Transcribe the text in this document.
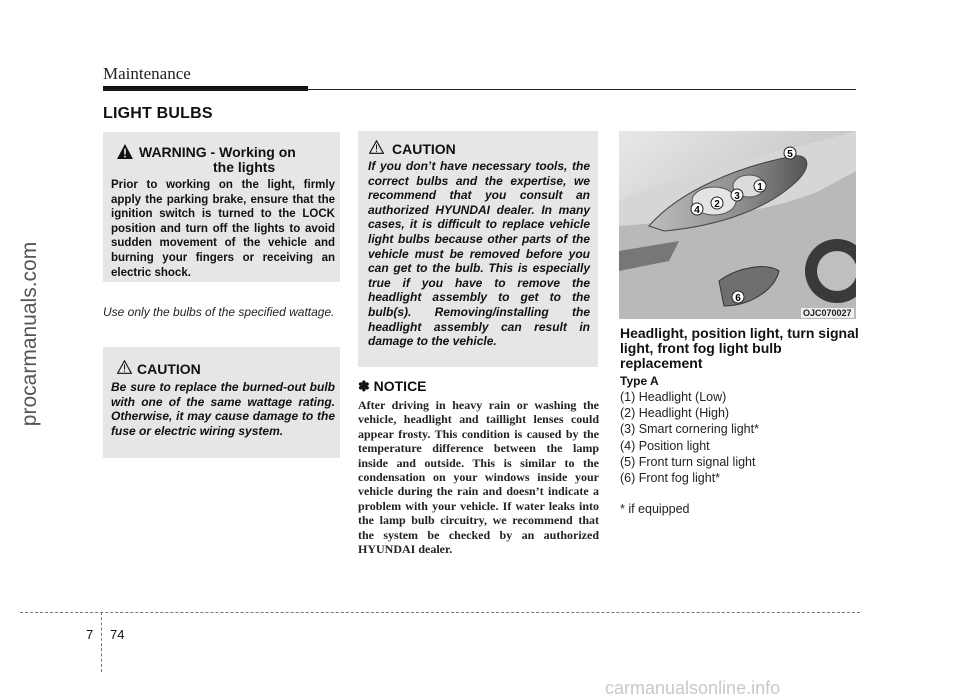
Maintenance
LIGHT BULBS
procarmanuals.com
WARNING - Working on
the lights
Prior to working on the light, firmly apply the parking brake, ensure that the ignition switch is turned to the LOCK position and turn off the lights to avoid sudden movement of the vehicle and burning your fingers or receiving an electric shock.
Use only the bulbs of the specified wattage.
CAUTION
Be sure to replace the burned-out bulb with one of the same wattage rating. Otherwise, it may cause damage to the fuse or electric wiring system.
CAUTION
If you don’t have necessary tools, the correct bulbs and the expertise, we recommend that you consult an authorized HYUNDAI dealer. In many cases, it is difficult to replace vehicle light bulbs because other parts of the vehicle must be removed before you can get to the bulb. This is especially true if you have to remove the headlight assembly to get to the bulb(s). Removing/installing the headlight assembly can result in damage to the vehicle.
✽ NOTICE
After driving in heavy rain or washing the vehicle, headlight and taillight lenses could appear frosty. This condition is caused by the temperature difference between the lamp inside and outside. This is similar to the condensation on your windows inside your vehicle during the rain and doesn’t indicate a problem with your vehicle. If water leaks into the lamp bulb circuitry, we recommend that the system be checked by an authorized HYUNDAI dealer.
1
2
3
4
5
6
OJC070027
Headlight, position light, turn signal light, front fog light bulb replacement
Type A
(1) Headlight (Low)
(2) Headlight (High)
(3) Smart cornering light*
(4) Position light
(5) Front turn signal light
(6) Front fog light*
* if equipped
7 74
carmanualsonline.info
